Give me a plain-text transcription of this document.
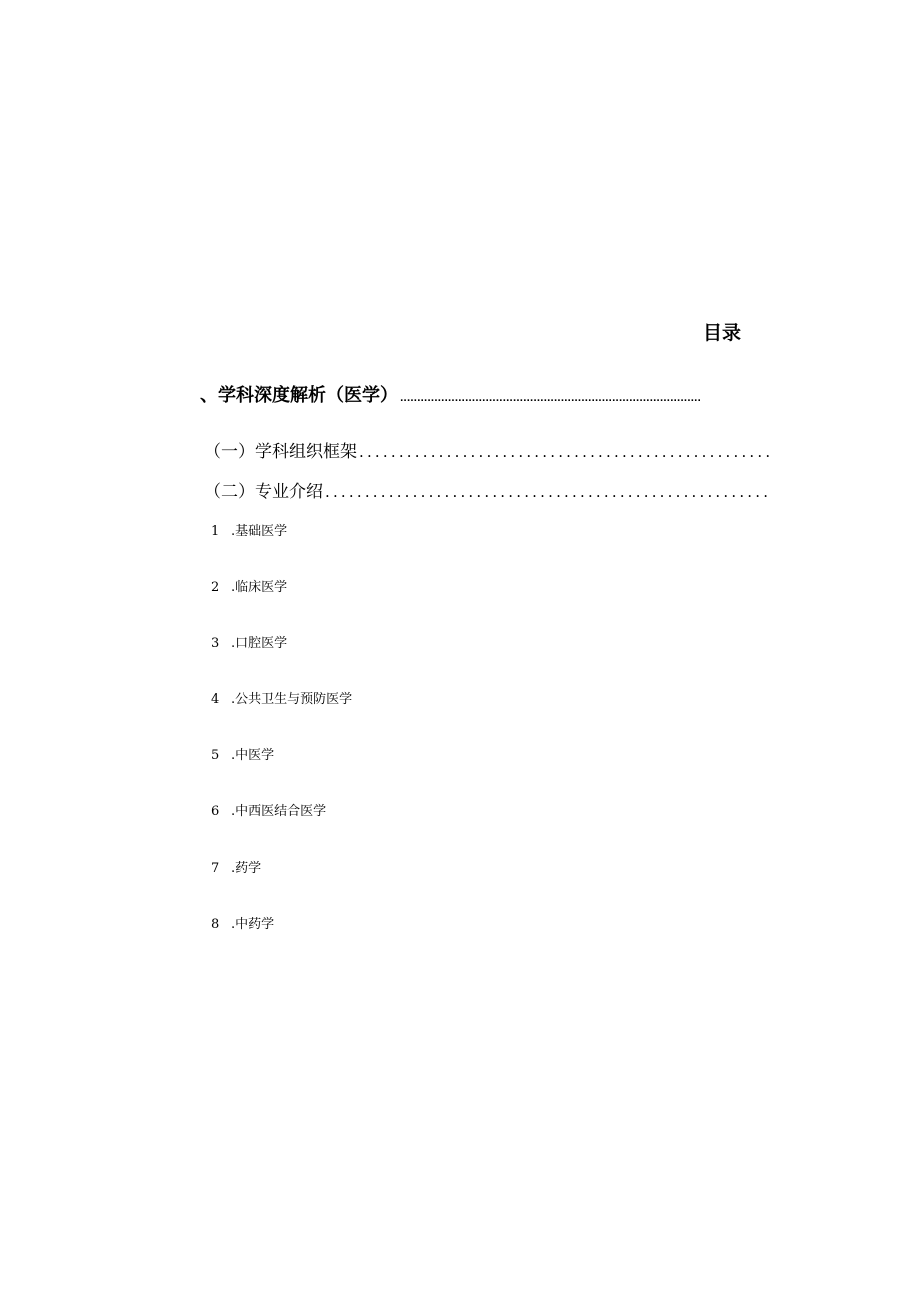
目录
、学科深度解析（医学） ........................................................................................
（一）学科组织框架 ....................................................
（二）专业介绍 ........................................................
1 .基础医学
2 .临床医学
3 .口腔医学
4 .公共卫生与预防医学
5 .中医学
6 .中西医结合医学
7 .药学
8 .中药学
